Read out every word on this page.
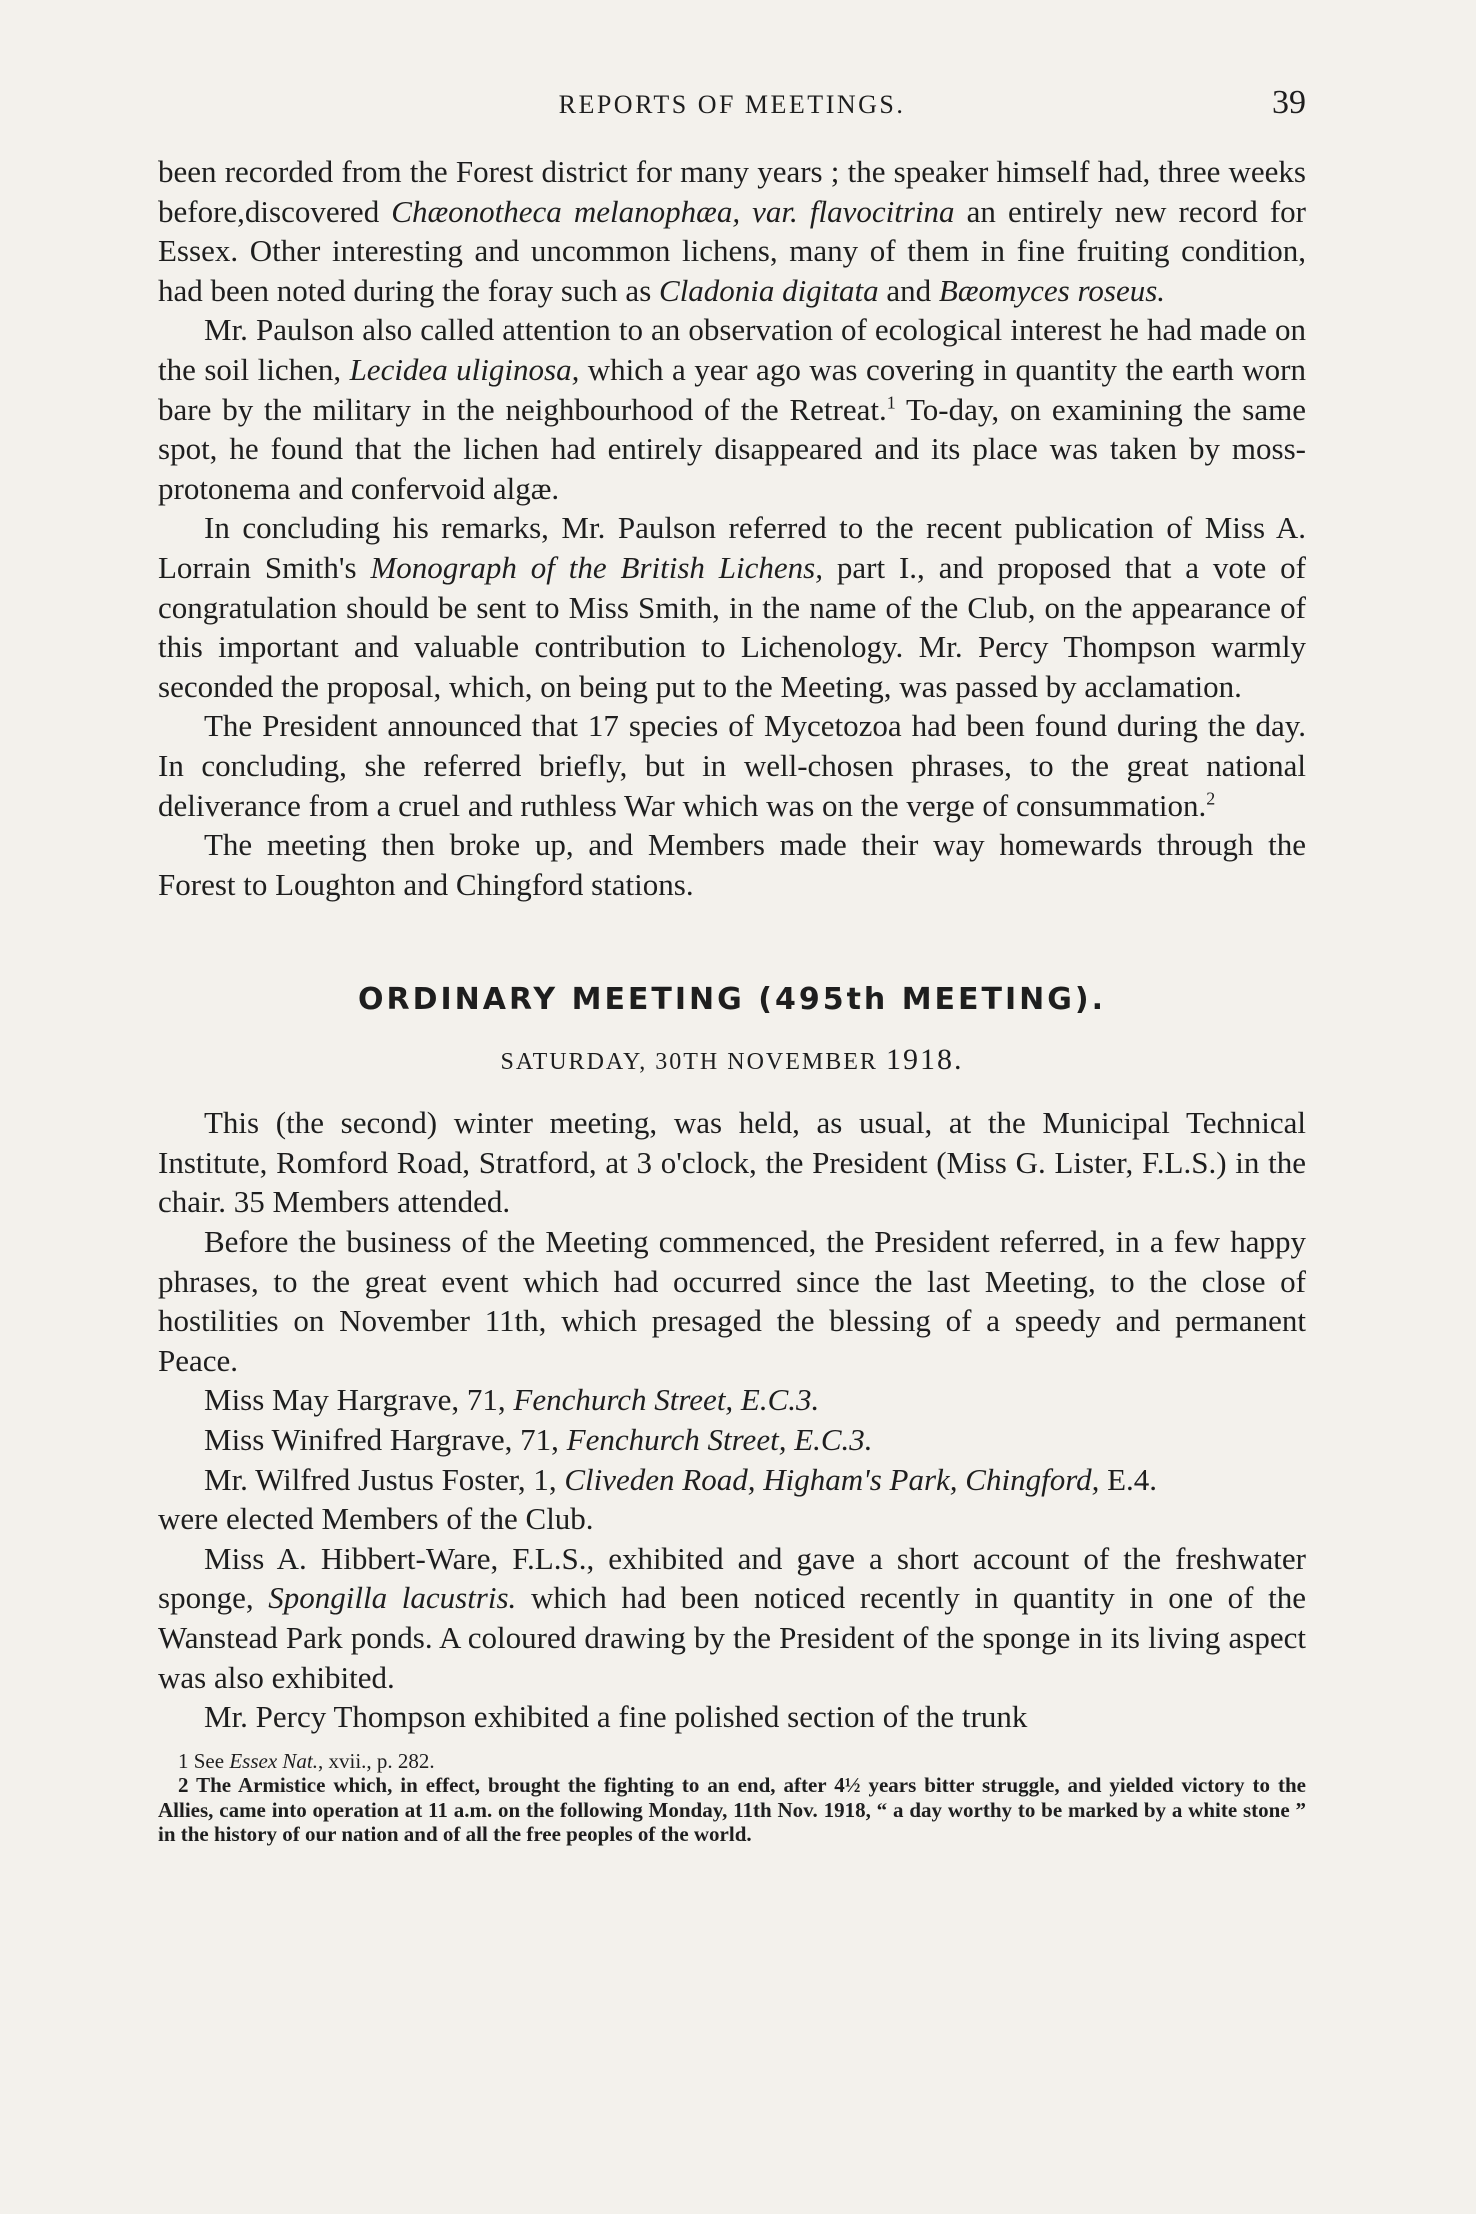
REPORTS OF MEETINGS.	39

been recorded from the Forest district for many years ; the speaker himself had, three weeks before,discovered Chæonotheca melanophæa, var. flavocitrina an entirely new record for Essex. Other interesting and uncommon lichens, many of them in fine fruiting condition, had been noted during the foray such as Cladonia digitata and Bæomyces roseus.

Mr. Paulson also called attention to an observation of ecological interest he had made on the soil lichen, Lecidea uliginosa, which a year ago was covering in quantity the earth worn bare by the military in the neighbourhood of the Retreat.$^1$ To-day, on examining the same spot, he found that the lichen had entirely disappeared and its place was taken by moss-protonema and confervoid algæ.

In concluding his remarks, Mr. Paulson referred to the recent publication of Miss A. Lorrain Smith's Monograph of the British Lichens, part I., and proposed that a vote of congratulation should be sent to Miss Smith, in the name of the Club, on the appearance of this important and valuable contribution to Lichenology. Mr. Percy Thompson warmly seconded the proposal, which, on being put to the Meeting, was passed by acclamation.

The President announced that 17 species of Mycetozoa had been found during the day. In concluding, she referred briefly, but in well-chosen phrases, to the great national deliverance from a cruel and ruthless War which was on the verge of consummation.$^2$

The meeting then broke up, and Members made their way homewards through the Forest to Loughton and Chingford stations.

ORDINARY MEETING (495th MEETING).
SATURDAY, 30TH NOVEMBER 1918.

This (the second) winter meeting, was held, as usual, at the Municipal Technical Institute, Romford Road, Stratford, at 3 o'clock, the President (Miss G. Lister, F.L.S.) in the chair. 35 Members attended.

Before the business of the Meeting commenced, the President referred, in a few happy phrases, to the great event which had occurred since the last Meeting, to the close of hostilities on November 11th, which presaged the blessing of a speedy and permanent Peace.

Miss May Hargrave, 71, Fenchurch Street, E.C.3.

Miss Winifred Hargrave, 71, Fenchurch Street, E.C.3.

Mr. Wilfred Justus Foster, 1, Cliveden Road, Higham's Park, Chingford, E.4.

were elected Members of the Club.

Miss A. Hibbert-Ware, F.L.S., exhibited and gave a short account of the freshwater sponge, Spongilla lacustris. which had been noticed recently in quantity in one of the Wanstead Park ponds. A coloured drawing by the President of the sponge in its living aspect was also exhibited.

Mr. Percy Thompson exhibited a fine polished section of the trunk

1 See Essex Nat., xvii., p. 282.

2 The Armistice which, in effect, brought the fighting to an end, after 4½ years bitter struggle, and yielded victory to the Allies, came into operation at 11 a.m. on the following Monday, 11th Nov. 1918, “ a day worthy to be marked by a white stone ” in the history of our nation and of all the free peoples of the world.
